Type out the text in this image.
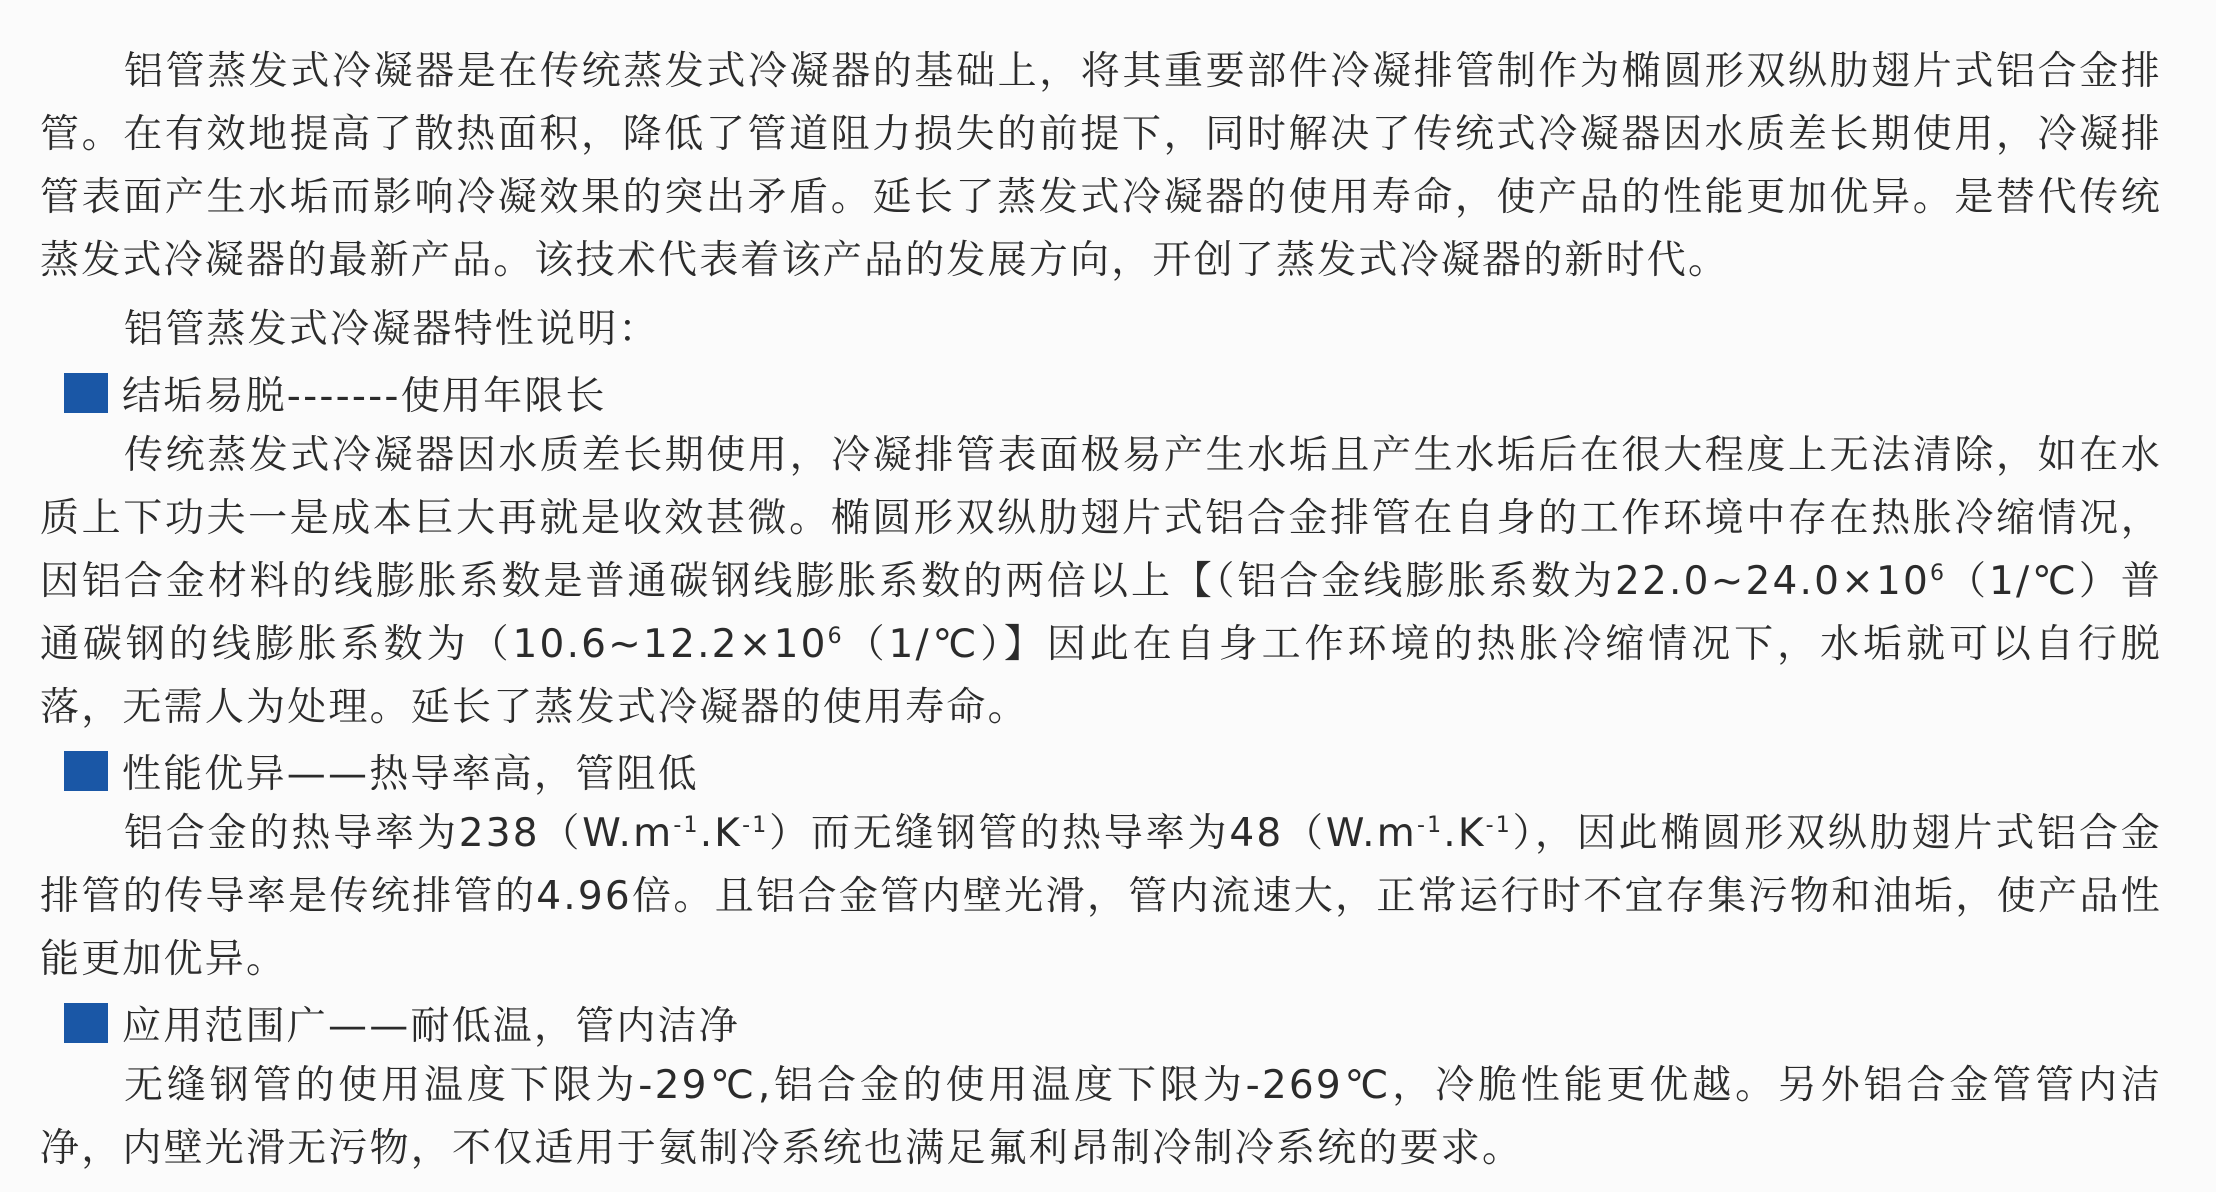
铝管蒸发式冷凝器是在传统蒸发式冷凝器的基础上，将其重要部件冷凝排管制作为椭圆形双纵肋翅片式铝合金排管。在有效地提高了散热面积，降低了管道阻力损失的前提下，同时解决了传统式冷凝器因水质差长期使用，冷凝排管表面产生水垢而影响冷凝效果的突出矛盾。延长了蒸发式冷凝器的使用寿命，使产品的性能更加优异。是替代传统蒸发式冷凝器的最新产品。该技术代表着该产品的发展方向，开创了蒸发式冷凝器的新时代。

铝管蒸发式冷凝器特性说明：

结垢易脱-------使用年限长

传统蒸发式冷凝器因水质差长期使用，冷凝排管表面极易产生水垢且产生水垢后在很大程度上无法清除，如在水质上下功夫一是成本巨大再就是收效甚微。椭圆形双纵肋翅片式铝合金排管在自身的工作环境中存在热胀冷缩情况，因铝合金材料的线膨胀系数是普通碳钢线膨胀系数的两倍以上【（铝合金线膨胀系数为$22.0\sim 24.0\times 10^6(1/℃)$普通碳钢的线膨胀系数为（$10.6\sim 12.2\times 10^6(1/℃)$】因此在自身工作环境的热胀冷缩情况下，水垢就可以自行脱落，无需人为处理。延长了蒸发式冷凝器的使用寿命。

性能优异——热导率高，管阻低

铝合金的热导率为$238(W.m^{-1}.K^{-1})$而无缝钢管的热导率为$48(W.m^{-1}.K^{-1})$，因此椭圆形双纵肋翅片式铝合金排管的传导率是传统排管的4.96倍。且铝合金管内壁光滑，管内流速大，正常运行时不宜存集污物和油垢，使产品性能更加优异。

应用范围广——耐低温，管内洁净

无缝钢管的使用温度下限为-29℃,铝合金的使用温度下限为-269℃，冷脆性能更优越。另外铝合金管管内洁净，内壁光滑无污物，不仅适用于氨制冷系统也满足氟利昂制冷制冷系统的要求。
